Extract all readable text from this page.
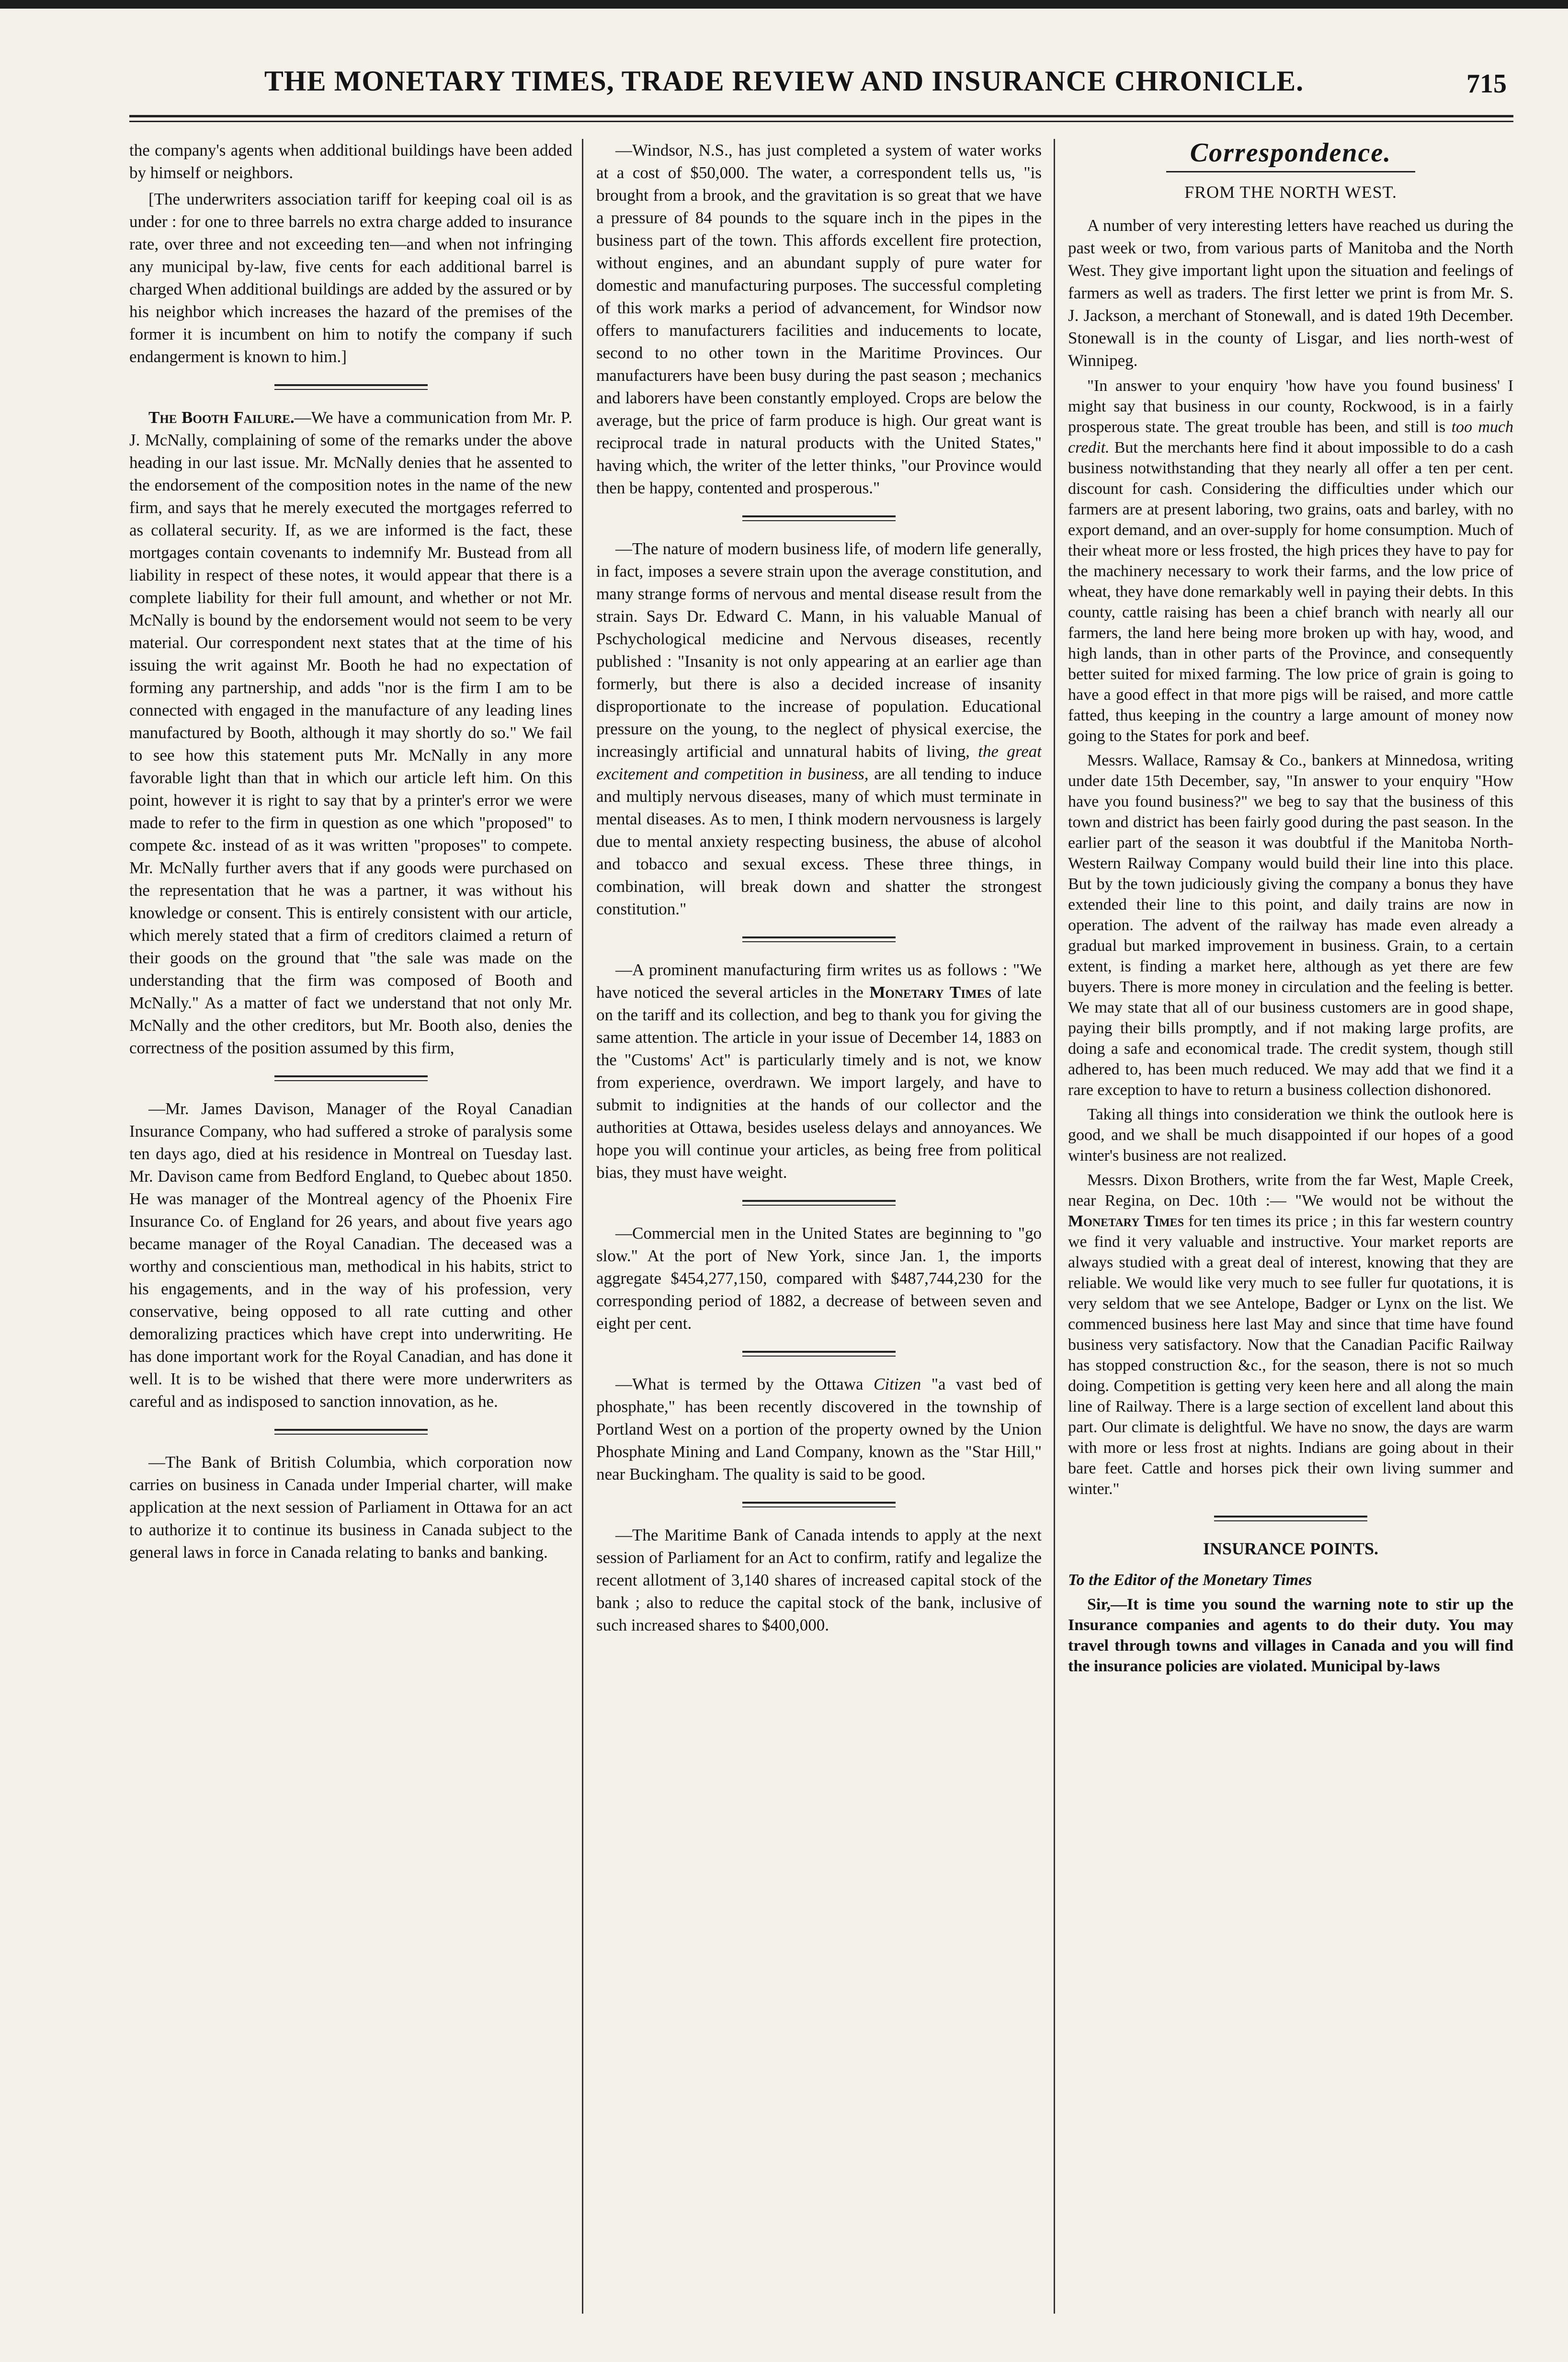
THE MONETARY TIMES, TRADE REVIEW AND INSURANCE CHRONICLE.	715

the company's agents when additional buildings have been added by himself or neighbors.

[The underwriters association tariff for keeping coal oil is as under : for one to three barrels no extra charge added to insurance rate, over three and not exceeding ten—and when not infringing any municipal by-law, five cents for each additional barrel is charged When additional buildings are added by the assured or by his neighbor which increases the hazard of the premises of the former it is incumbent on him to notify the company if such endangerment is known to him.]

The Booth Failure.—We have a communication from Mr. P. J. McNally, complaining of some of the remarks under the above heading in our last issue. Mr. McNally denies that he assented to the endorsement of the composition notes in the name of the new firm, and says that he merely executed the mortgages referred to as collateral security. If, as we are informed is the fact, these mortgages contain covenants to indemnify Mr. Bustead from all liability in respect of these notes, it would appear that there is a complete liability for their full amount, and whether or not Mr. McNally is bound by the endorsement would not seem to be very material. Our correspondent next states that at the time of his issuing the writ against Mr. Booth he had no expectation of forming any partnership, and adds "nor is the firm I am to be connected with engaged in the manufacture of any leading lines manufactured by Booth, although it may shortly do so." We fail to see how this statement puts Mr. McNally in any more favorable light than that in which our article left him. On this point, however it is right to say that by a printer's error we were made to refer to the firm in question as one which "proposed" to compete &c. instead of as it was written "proposes" to compete. Mr. McNally further avers that if any goods were purchased on the representation that he was a partner, it was without his knowledge or consent. This is entirely consistent with our article, which merely stated that a firm of creditors claimed a return of their goods on the ground that "the sale was made on the understanding that the firm was composed of Booth and McNally." As a matter of fact we understand that not only Mr. McNally and the other creditors, but Mr. Booth also, denies the correctness of the position assumed by this firm,

—Mr. James Davison, Manager of the Royal Canadian Insurance Company, who had suffered a stroke of paralysis some ten days ago, died at his residence in Montreal on Tuesday last. Mr. Davison came from Bedford England, to Quebec about 1850. He was manager of the Montreal agency of the Phoenix Fire Insurance Co. of England for 26 years, and about five years ago became manager of the Royal Canadian. The deceased was a worthy and conscientious man, methodical in his habits, strict to his engagements, and in the way of his profession, very conservative, being opposed to all rate cutting and other demoralizing practices which have crept into underwriting. He has done important work for the Royal Canadian, and has done it well. It is to be wished that there were more underwriters as careful and as indisposed to sanction innovation, as he.

—The Bank of British Columbia, which corporation now carries on business in Canada under Imperial charter, will make application at the next session of Parliament in Ottawa for an act to authorize it to continue its business in Canada subject to the general laws in force in Canada relating to banks and banking.

—Windsor, N.S., has just completed a system of water works at a cost of $50,000. The water, a correspondent tells us, "is brought from a brook, and the gravitation is so great that we have a pressure of 84 pounds to the square inch in the pipes in the business part of the town. This affords excellent fire protection, without engines, and an abundant supply of pure water for domestic and manufacturing purposes. The successful completing of this work marks a period of advancement, for Windsor now offers to manufacturers facilities and inducements to locate, second to no other town in the Maritime Provinces. Our manufacturers have been busy during the past season ; mechanics and laborers have been constantly employed. Crops are below the average, but the price of farm produce is high. Our great want is reciprocal trade in natural products with the United States," having which, the writer of the letter thinks, "our Province would then be happy, contented and prosperous."

—The nature of modern business life, of modern life generally, in fact, imposes a severe strain upon the average constitution, and many strange forms of nervous and mental disease result from the strain. Says Dr. Edward C. Mann, in his valuable Manual of Pschychological medicine and Nervous diseases, recently published : "Insanity is not only appearing at an earlier age than formerly, but there is also a decided increase of insanity disproportionate to the increase of population. Educational pressure on the young, to the neglect of physical exercise, the increasingly artificial and unnatural habits of living, the great excitement and competition in business, are all tending to induce and multiply nervous diseases, many of which must terminate in mental diseases. As to men, I think modern nervousness is largely due to mental anxiety respecting business, the abuse of alcohol and tobacco and sexual excess. These three things, in combination, will break down and shatter the strongest constitution."

—A prominent manufacturing firm writes us as follows : "We have noticed the several articles in the Monetary Times of late on the tariff and its collection, and beg to thank you for giving the same attention. The article in your issue of December 14, 1883 on the "Customs' Act" is particularly timely and is not, we know from experience, overdrawn. We import largely, and have to submit to indignities at the hands of our collector and the authorities at Ottawa, besides useless delays and annoyances. We hope you will continue your articles, as being free from political bias, they must have weight.

—Commercial men in the United States are beginning to "go slow." At the port of New York, since Jan. 1, the imports aggregate $454,277,150, compared with $487,744,230 for the corresponding period of 1882, a decrease of between seven and eight per cent.

—What is termed by the Ottawa Citizen "a vast bed of phosphate," has been recently discovered in the township of Portland West on a portion of the property owned by the Union Phosphate Mining and Land Company, known as the "Star Hill," near Buckingham. The quality is said to be good.

—The Maritime Bank of Canada intends to apply at the next session of Parliament for an Act to confirm, ratify and legalize the recent allotment of 3,140 shares of increased capital stock of the bank ; also to reduce the capital stock of the bank, inclusive of such increased shares to $400,000.

Correspondence.
FROM THE NORTH WEST.

A number of very interesting letters have reached us during the past week or two, from various parts of Manitoba and the North West. They give important light upon the situation and feelings of farmers as well as traders. The first letter we print is from Mr. S. J. Jackson, a merchant of Stonewall, and is dated 19th December. Stonewall is in the county of Lisgar, and lies north-west of Winnipeg.

"In answer to your enquiry 'how have you found business' I might say that business in our county, Rockwood, is in a fairly prosperous state. The great trouble has been, and still is too much credit. But the merchants here find it about impossible to do a cash business notwithstanding that they nearly all offer a ten per cent. discount for cash. Considering the difficulties under which our farmers are at present laboring, two grains, oats and barley, with no export demand, and an over-supply for home consumption. Much of their wheat more or less frosted, the high prices they have to pay for the machinery necessary to work their farms, and the low price of wheat, they have done remarkably well in paying their debts. In this county, cattle raising has been a chief branch with nearly all our farmers, the land here being more broken up with hay, wood, and high lands, than in other parts of the Province, and consequently better suited for mixed farming. The low price of grain is going to have a good effect in that more pigs will be raised, and more cattle fatted, thus keeping in the country a large amount of money now going to the States for pork and beef.

Messrs. Wallace, Ramsay & Co., bankers at Minnedosa, writing under date 15th December, say, "In answer to your enquiry "How have you found business?" we beg to say that the business of this town and district has been fairly good during the past season. In the earlier part of the season it was doubtful if the Manitoba North-Western Railway Company would build their line into this place. But by the town judiciously giving the company a bonus they have extended their line to this point, and daily trains are now in operation. The advent of the railway has made even already a gradual but marked improvement in business. Grain, to a certain extent, is finding a market here, although as yet there are few buyers. There is more money in circulation and the feeling is better. We may state that all of our business customers are in good shape, paying their bills promptly, and if not making large profits, are doing a safe and economical trade. The credit system, though still adhered to, has been much reduced. We may add that we find it a rare exception to have to return a business collection dishonored.

Taking all things into consideration we think the outlook here is good, and we shall be much disappointed if our hopes of a good winter's business are not realized.

Messrs. Dixon Brothers, write from the far West, Maple Creek, near Regina, on Dec. 10th :— "We would not be without the Monetary Times for ten times its price ; in this far western country we find it very valuable and instructive. Your market reports are always studied with a great deal of interest, knowing that they are reliable. We would like very much to see fuller fur quotations, it is very seldom that we see Antelope, Badger or Lynx on the list. We commenced business here last May and since that time have found business very satisfactory. Now that the Canadian Pacific Railway has stopped construction &c., for the season, there is not so much doing. Competition is getting very keen here and all along the main line of Railway. There is a large section of excellent land about this part. Our climate is delightful. We have no snow, the days are warm with more or less frost at nights. Indians are going about in their bare feet. Cattle and horses pick their own living summer and winter."

INSURANCE POINTS.

To the Editor of the Monetary Times

Sir,—It is time you sound the warning note to stir up the Insurance companies and agents to do their duty. You may travel through towns and villages in Canada and you will find the insurance policies are violated. Municipal by-laws
